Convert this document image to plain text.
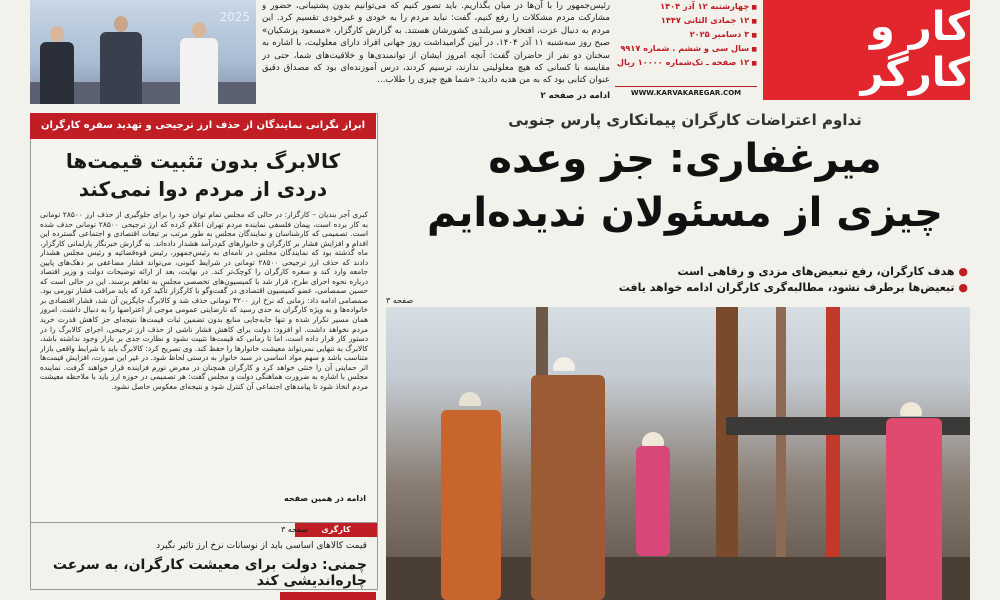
2025
رئیس‌جمهور را با آن‌ها در میان بگذاریم. باید تصور کنیم که می‌توانیم بدون پشتیبانی، حضور و مشارکت مردم مشکلات را رفع کنیم، گفت: نباید مردم را به خودی و غیرخودی تقسیم کرد. این مردم به دنبال عزت، افتخار و سربلندی کشورشان هستند. به گزارش کارگزار، «مسعود پزشکیان» صبح روز سه‌شنبه ۱۱ آذر ۱۴۰۴، در آیین گرامیداشت روز جهانی افراد دارای معلولیت، با اشاره به سخنان دو نفر از حاضران گفت: آنچه امروز ایشان از توانمندی‌ها و خلاقیت‌های شما، حتی در مقایسه با کسانی که هیچ معلولیتی ندارند، ترسیم کردند، درس آموزنده‌ای بود که مصداق دقیق عنوان کتابی بود که به من هدیه دادید: «شما هیچ چیزی را طلاب...
ادامه در صفحه ۲
■ چهارشنبه ۱۲ آذر ۱۴۰۴
■ ۱۲ جمادی الثانی ۱۴۴۷
■ ۳ دسامبر ۲۰۲۵
■ سال سی و ششم . شماره ۹۹۱۷
■ ۱۲ صفحه ـ تک‌شماره ۱۰۰۰۰ ریال
WWW.KARVAKAREGAR.COM
کار و کارگر
تداوم اعتراضات کارگران پیمانکاری پارس جنوبی
میرغفاری: جز وعده
چیزی از مسئولان ندیده‌ایم
● هدف کارگران، رفع تبعیض‌های مزدی و رفاهی است
● تبعیض‌ها برطرف نشود، مطالبه‌گری کارگران ادامه خواهد یافت
صفحه ۳
ابراز نگرانی نمایندگان از حذف ارز ترجیحی و تهدید سفره کارگران
کالابرگ بدون تثبیت قیمت‌ها
دردی از مردم دوا نمی‌کند
کبری آجر بندیان – کارگزار: در حالی که مجلس تمام توان خود را برای جلوگیری از حذف ارز ۲۸۵۰۰ تومانی به کار برده است، پیمان فلسفی نماینده مردم تهران اعلام کرده که ارز ترجیحی ۲۸۵۰۰ تومانی حذف شده است. تصمیمی که کارشناسان و نمایندگان مجلس به طور مرتب بر تبعات اقتصادی و اجتماعی گسترده این اقدام و افزایش فشار بر کارگران و خانوارهای کم‌درآمد هشدار داده‌اند. به گزارش خبرنگار پارلمانی کارگزار، ماه گذشته بود که نمایندگان مجلس در نامه‌ای به رئیس‌جمهور، رئیس قوه‌قضائیه و رئیس مجلس هشدار دادند که حذف ارز ترجیحی ۲۸۵۰۰ تومانی در شرایط کنونی، می‌تواند فشار مضاعفی بر دهک‌های پایین جامعه وارد کند و سفره کارگران را کوچک‌تر کند. در نهایت، بعد از ارائه توضیحات دولت و وزیر اقتصاد درباره نحوه اجرای طرح، قرار شد با کمیسیون‌های تخصصی مجلس به تفاهم برسند. این در حالی است که حسین صمصامی، عضو کمیسیون اقتصادی در گفت‌وگو با کارگزار تأکید کرد که باید مراقب فشار تورمی بود. صمصامی ادامه داد: زمانی که نرخ ارز ۴۲۰۰ تومانی حذف شد و کالابرگ جایگزین آن شد، فشار اقتصادی بر خانواده‌ها و به ویژه کارگران به حدی رسید که نارضایتی عمومی موجی از اعتراضها را به دنبال داشت. امروز همان مسیر تکرار شده و تنها جابه‌جایی منابع بدون تضمین ثبات قیمت‌ها نتیجه‌ای جز کاهش قدرت خرید مردم نخواهد داشت. او افزود: دولت برای کاهش فشار ناشی از حذف ارز ترجیحی، اجرای کالابرگ را در دستور کار قرار داده است، اما تا زمانی که قیمت‌ها تثبیت نشود و نظارت جدی بر بازار وجود نداشته باشد، کالابرگ به تنهایی نمی‌تواند معیشت خانوارها را حفظ کند. وی تصریح کرد: کالابرگ باید با شرایط واقعی بازار متناسب باشد و سهم مواد اساسی در سبد خانوار به درستی لحاظ شود. در غیر این صورت، افزایش قیمت‌ها اثر حمایتی آن را خنثی خواهد کرد و کارگران همچنان در معرض تورم فزاینده قرار خواهند گرفت. نماینده مجلس با اشاره به ضرورت هماهنگی دولت و مجلس گفت: هر تصمیمی در حوزه ارز باید با ملاحظه معیشت مردم اتخاذ شود تا پیامدهای اجتماعی آن کنترل شود و نتیجه‌ای معکوس حاصل نشود.
ادامه در همین صفحه
کارگری
صفحه ۳
قیمت کالاهای اساسی باید از نوسانات نرخ ارز تاثیر نگیرد
چمنی: دولت برای معیشت کارگران، به سرعت چاره‌اندیشی کند
